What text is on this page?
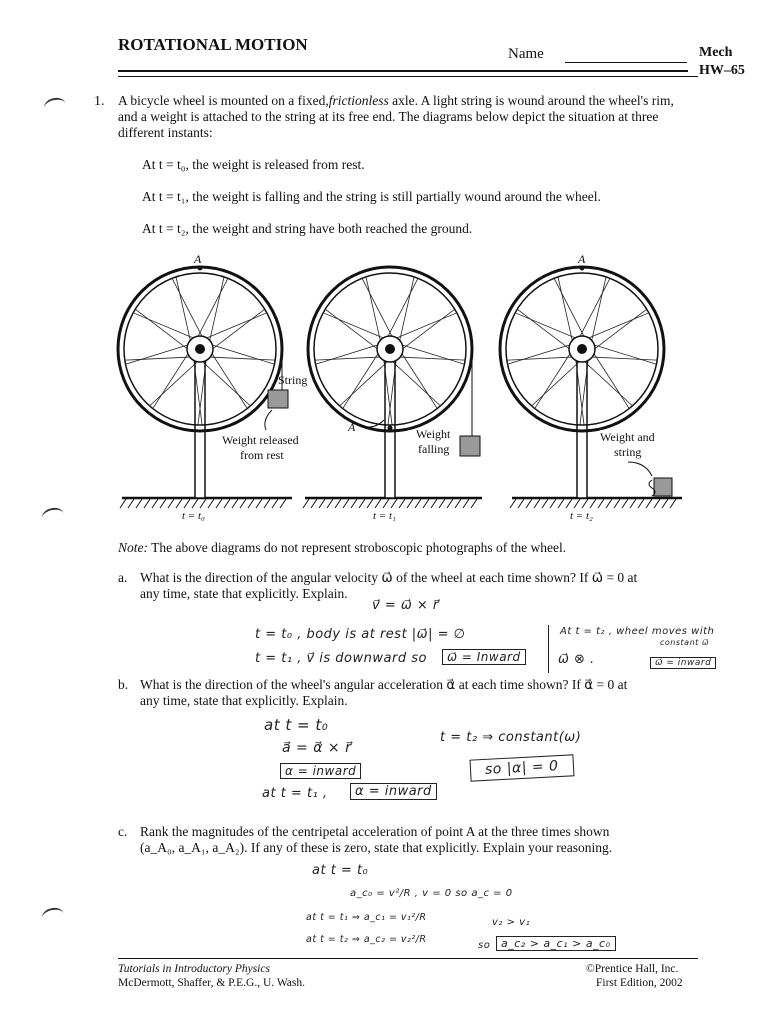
ROTATIONAL MOTION	Name	Mech
HW–65
1. A bicycle wheel is mounted on a fixed,frictionless axle. A light string is wound around the wheel's rim, and a weight is attached to the string at its free end. The diagrams below depict the situation at three different instants:
At t = t₀, the weight is released from rest.
At t = t₁, the weight is falling and the string is still partially wound around the wheel.
At t = t₂, the weight and string have both reached the ground.
A	A
A
String
Weight released
from rest
Weight
falling
Weight and
string
t = t₀	t = t₁	t = t₂
Note: The above diagrams do not represent stroboscopic photographs of the wheel.
a. What is the direction of the angular velocity ω⃗ of the wheel at each time shown? If ω⃗ = 0 at
any time, state that explicitly. Explain.
v⃗ = ω⃗ × r⃗
t = t₀ , body is at rest |ω⃗| = ∅
t = t₁ , v⃗ is downward so	ω⃗ = Inward
At t = t₂ , wheel moves with
constant ω⃗
ω⃗ ⊗ .	ω⃗ = inward
b. What is the direction of the wheel's angular acceleration α⃗ at each time shown? If α⃗ = 0 at
any time, state that explicitly. Explain.
at t = t₀
a⃗ = α⃗ × r⃗
α = inward
at t = t₁ ,	α = inward
t = t₂ ⇒ constant(ω)
so |α| = 0
c. Rank the magnitudes of the centripetal acceleration of point A at the three times shown
(a_A₀, a_A₁, a_A₂). If any of these is zero, state that explicitly. Explain your reasoning.
at t = t₀
a_c₀ = v²/R , v = 0 so a_c = 0
at t = t₁ ⇒ a_c₁ = v₁²/R	v₂ > v₁
at t = t₂ ⇒ a_c₂ = v₂²/R
so a_c₂ > a_c₁ > a_c₀
Tutorials in Introductory Physics
McDermott, Shaffer, & P.E.G., U. Wash.
©Prentice Hall, Inc.
First Edition, 2002
